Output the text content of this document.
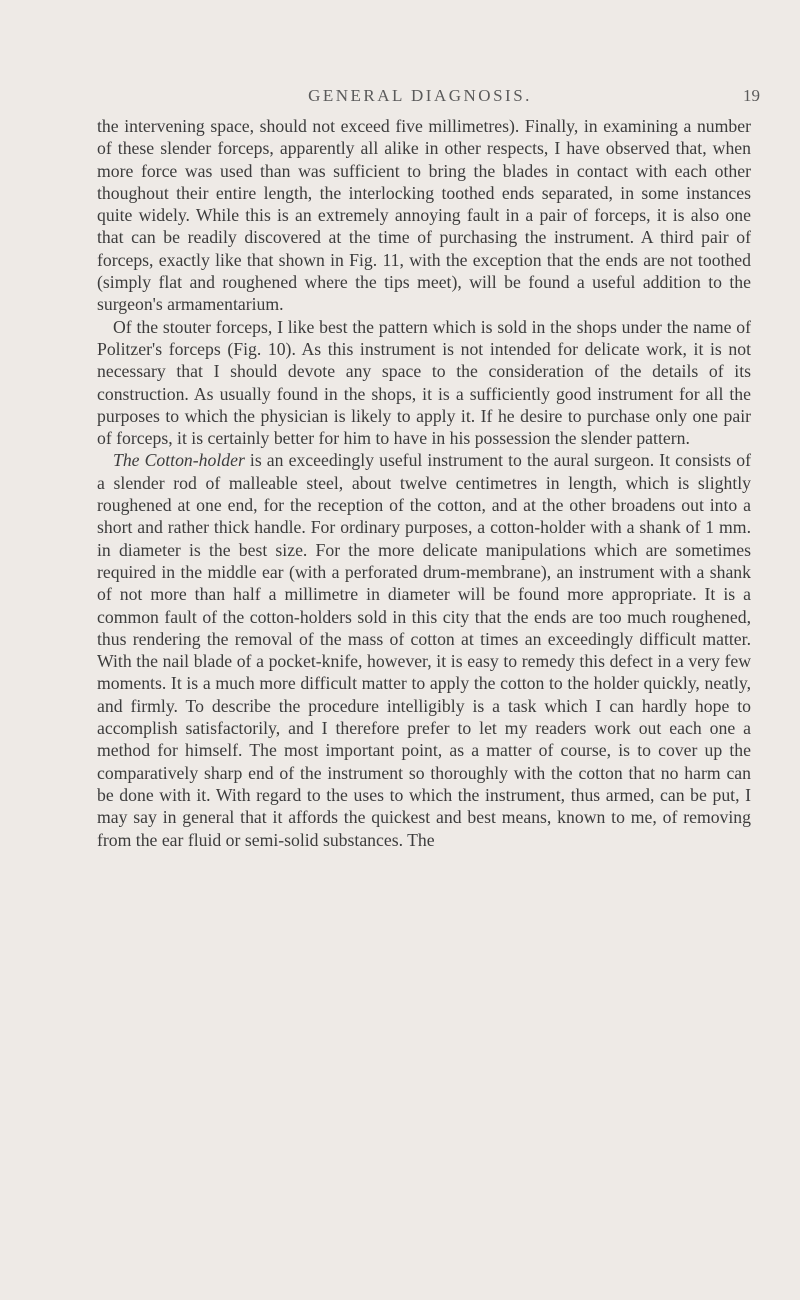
GENERAL DIAGNOSIS.	19

the intervening space, should not exceed five millimetres). Finally, in examining a number of these slender forceps, apparently all alike in other respects, I have observed that, when more force was used than was sufficient to bring the blades in contact with each other thoughout their entire length, the interlocking toothed ends separated, in some instances quite widely. While this is an extremely annoying fault in a pair of forceps, it is also one that can be readily discovered at the time of purchasing the instrument. A third pair of forceps, exactly like that shown in Fig. 11, with the exception that the ends are not toothed (simply flat and roughened where the tips meet), will be found a useful addition to the surgeon's armamentarium.

Of the stouter forceps, I like best the pattern which is sold in the shops under the name of Politzer's forceps (Fig. 10). As this instrument is not intended for delicate work, it is not necessary that I should devote any space to the consideration of the details of its construction. As usually found in the shops, it is a sufficiently good instrument for all the purposes to which the physician is likely to apply it. If he desire to purchase only one pair of forceps, it is certainly better for him to have in his possession the slender pattern.

The Cotton-holder is an exceedingly useful instrument to the aural surgeon. It consists of a slender rod of malleable steel, about twelve centimetres in length, which is slightly roughened at one end, for the reception of the cotton, and at the other broadens out into a short and rather thick handle. For ordinary purposes, a cotton-holder with a shank of 1 mm. in diameter is the best size. For the more delicate manipulations which are sometimes required in the middle ear (with a perforated drum-membrane), an instrument with a shank of not more than half a millimetre in diameter will be found more appropriate. It is a common fault of the cotton-holders sold in this city that the ends are too much roughened, thus rendering the removal of the mass of cotton at times an exceedingly difficult matter. With the nail blade of a pocket-knife, however, it is easy to remedy this defect in a very few moments. It is a much more difficult matter to apply the cotton to the holder quickly, neatly, and firmly. To describe the procedure intelligibly is a task which I can hardly hope to accomplish satisfactorily, and I therefore prefer to let my readers work out each one a method for himself. The most important point, as a matter of course, is to cover up the comparatively sharp end of the instrument so thoroughly with the cotton that no harm can be done with it. With regard to the uses to which the instrument, thus armed, can be put, I may say in general that it affords the quickest and best means, known to me, of removing from the ear fluid or semi-solid substances. The
